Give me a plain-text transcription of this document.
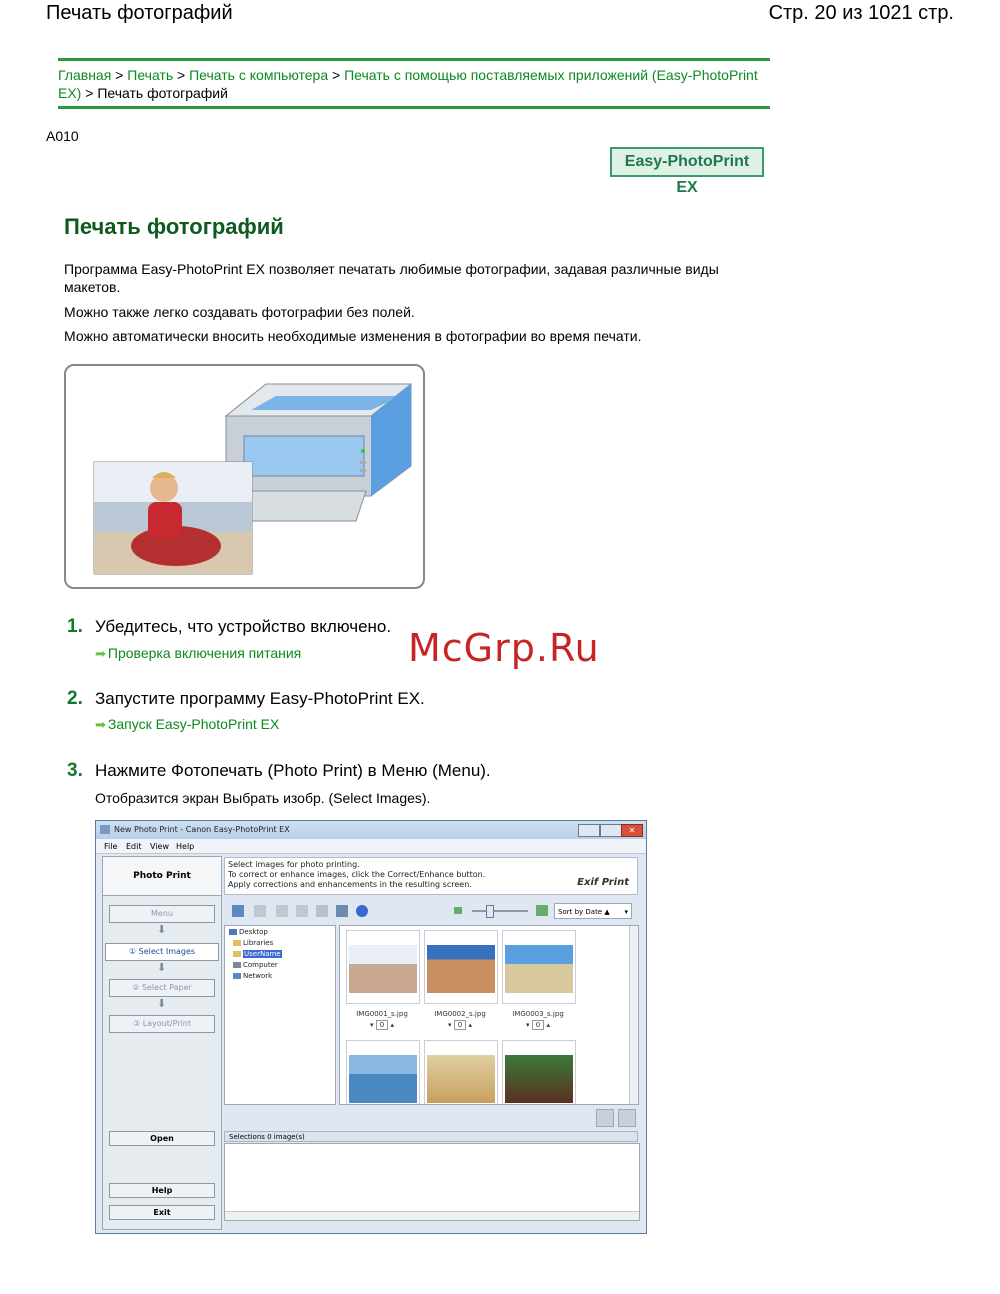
Печать фотографий	Стр. 20 из 1021 стр.
Главная > Печать > Печать с компьютера > Печать с помощью поставляемых приложений (Easy-PhotoPrint EX) > Печать фотографий
A010
Easy-PhotoPrint EX
Печать фотографий
Программа Easy-PhotoPrint EX позволяет печатать любимые фотографии, задавая различные виды макетов.
Можно также легко создавать фотографии без полей.
Можно автоматически вносить необходимые изменения в фотографии во время печати.
1. Убедитесь, что устройство включено.
➡ Проверка включения питания	McGrp.Ru
2. Запустите программу Easy-PhotoPrint EX.
➡ Запуск Easy-PhotoPrint EX
3. Нажмите Фотопечать (Photo Print) в Меню (Menu).
Отобразится экран Выбрать изобр. (Select Images).
New Photo Print - Canon Easy-PhotoPrint EX	✕
File Edit View Help
Photo Print
Menu
⬇
① Select Images
⬇
② Select Paper
⬇
③ Layout/Print
Open
Help
Exit
Select images for photo printing.
To correct or enhance images, click the Correct/Enhance button.
Apply corrections and enhancements in the resulting screen.	Exif Print
Sort by Date ▲ ▾
Desktop
Libraries
UserName
Computer
Network
IMG0001_s.jpg	IMG0002_s.jpg	IMG0003_s.jpg
▾ 0 ▴	▾ 0 ▴	▾ 0 ▴
Selections 0 image(s)
